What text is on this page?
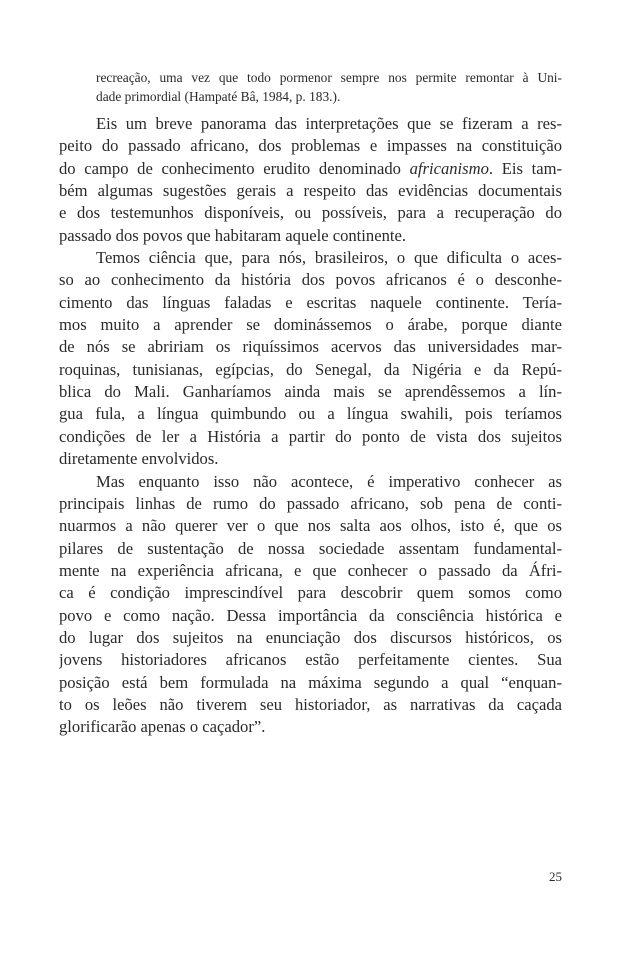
recreação, uma vez que todo pormenor sempre nos permite remontar à Uni-
dade primordial (Hampaté Bâ, 1984, p. 183.).
Eis um breve panorama das interpretações que se fizeram a res-
peito do passado africano, dos problemas e impasses na constituição
do campo de conhecimento erudito denominado africanismo. Eis tam-
bém algumas sugestões gerais a respeito das evidências documentais
e dos testemunhos disponíveis, ou possíveis, para a recuperação do
passado dos povos que habitaram aquele continente.
Temos ciência que, para nós, brasileiros, o que dificulta o aces-
so ao conhecimento da história dos povos africanos é o desconhe-
cimento das línguas faladas e escritas naquele continente. Tería-
mos muito a aprender se dominássemos o árabe, porque diante
de nós se abririam os riquíssimos acervos das universidades mar-
roquinas, tunisianas, egípcias, do Senegal, da Nigéria e da Repú-
blica do Mali. Ganharíamos ainda mais se aprendêssemos a lín-
gua fula, a língua quimbundo ou a língua swahili, pois teríamos
condições de ler a História a partir do ponto de vista dos sujeitos
diretamente envolvidos.
Mas enquanto isso não acontece, é imperativo conhecer as
principais linhas de rumo do passado africano, sob pena de conti-
nuarmos a não querer ver o que nos salta aos olhos, isto é, que os
pilares de sustentação de nossa sociedade assentam fundamental-
mente na experiência africana, e que conhecer o passado da Áfri-
ca é condição imprescindível para descobrir quem somos como
povo e como nação. Dessa importância da consciência histórica e
do lugar dos sujeitos na enunciação dos discursos históricos, os
jovens historiadores africanos estão perfeitamente cientes. Sua
posição está bem formulada na máxima segundo a qual “enquan-
to os leões não tiverem seu historiador, as narrativas da caçada
glorificarão apenas o caçador”.
25
